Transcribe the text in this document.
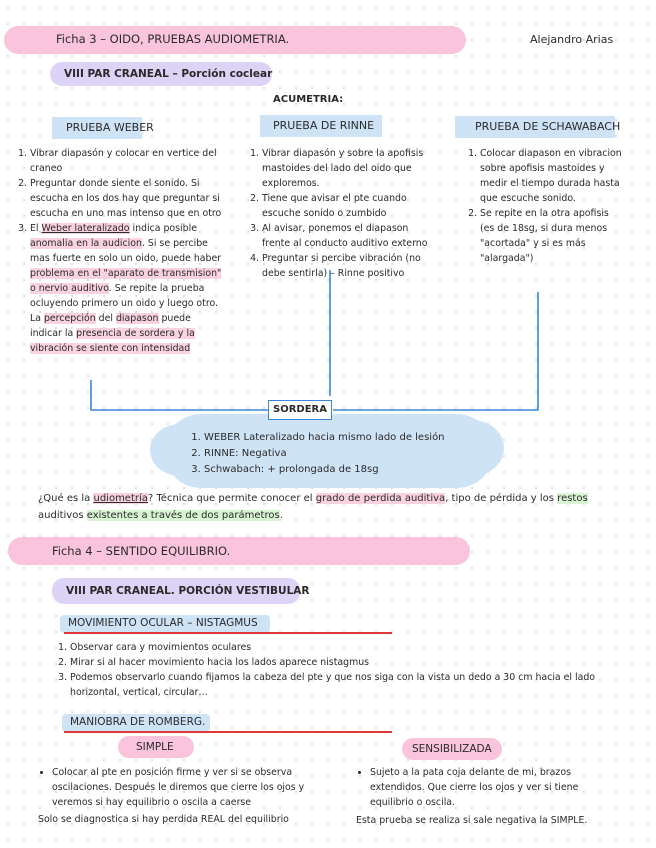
Ficha 3 – OIDO, PRUEBAS AUDIOMETRIA.	Alejandro Arias
VIII PAR CRANEAL – Porción coclear
ACUMETRIA:
PRUEBA WEBER	PRUEBA DE RINNE	PRUEBA DE SCHAWABACH
1. Vibrar diapasón y colocar en vertice del craneo
2. Preguntar donde siente el sonido. Si escucha en los dos hay que preguntar si escucha en uno mas intenso que en otro
3. El Weber lateralizado indica posible anomalia en la audicion. Si se percibe mas fuerte en solo un oido, puede haber problema en el "aparato de transmision" o nervio auditivo. Se repite la prueba ocluyendo primero un oido y luego otro. La percepción del diapason puede indicar la presencia de sordera y la vibración se siente con intensidad
1. Vibrar diapasón y sobre la apofisis mastoides del lado del oido que exploremos.
2. Tiene que avisar el pte cuando escuche sonido o zumbido
3. Al avisar, ponemos el diapason frente al conducto auditivo externo
4. Preguntar si percibe vibración (no debe sentirla) – Rinne positivo
1. Colocar diapason en vibracion sobre apofisis mastoides y medir el tiempo durada hasta que escuche sonido.
2. Se repite en la otra apofisis (es de 18sg, si dura menos "acortada" y si es más "alargada")
SORDERA
1. WEBER Lateralizado hacia mismo lado de lesión
2. RINNE: Negativa
3. Schwabach: + prolongada de 18sg
¿Qué es la udiometría? Técnica que permite conocer el grado de perdida auditiva, tipo de pérdida y los restos auditivos existentes a través de dos parámetros.
Ficha 4 – SENTIDO EQUILIBRIO.
VIII PAR CRANEAL. PORCIÓN VESTIBULAR
MOVIMIENTO OCULAR – NISTAGMUS
1. Observar cara y movimientos oculares
2. Mirar si al hacer movimiento hacia los lados aparece nistagmus
3. Podemos observarlo cuando fijamos la cabeza del pte y que nos siga con la vista un dedo a 30 cm hacia el lado horizontal, vertical, circular…
MANIOBRA DE ROMBERG.
SIMPLE	SENSIBILIZADA
• Colocar al pte en posición firme y ver si se observa oscilaciones. Después le diremos que cierre los ojos y veremos si hay equilibrio o oscila a caerse
Solo se diagnostica si hay perdida REAL del equilibrio
• Sujeto a la pata coja delante de mi, brazos extendidos. Que cierre los ojos y ver si tiene equilibrio o oscila.
Esta prueba se realiza si sale negativa la SIMPLE.
